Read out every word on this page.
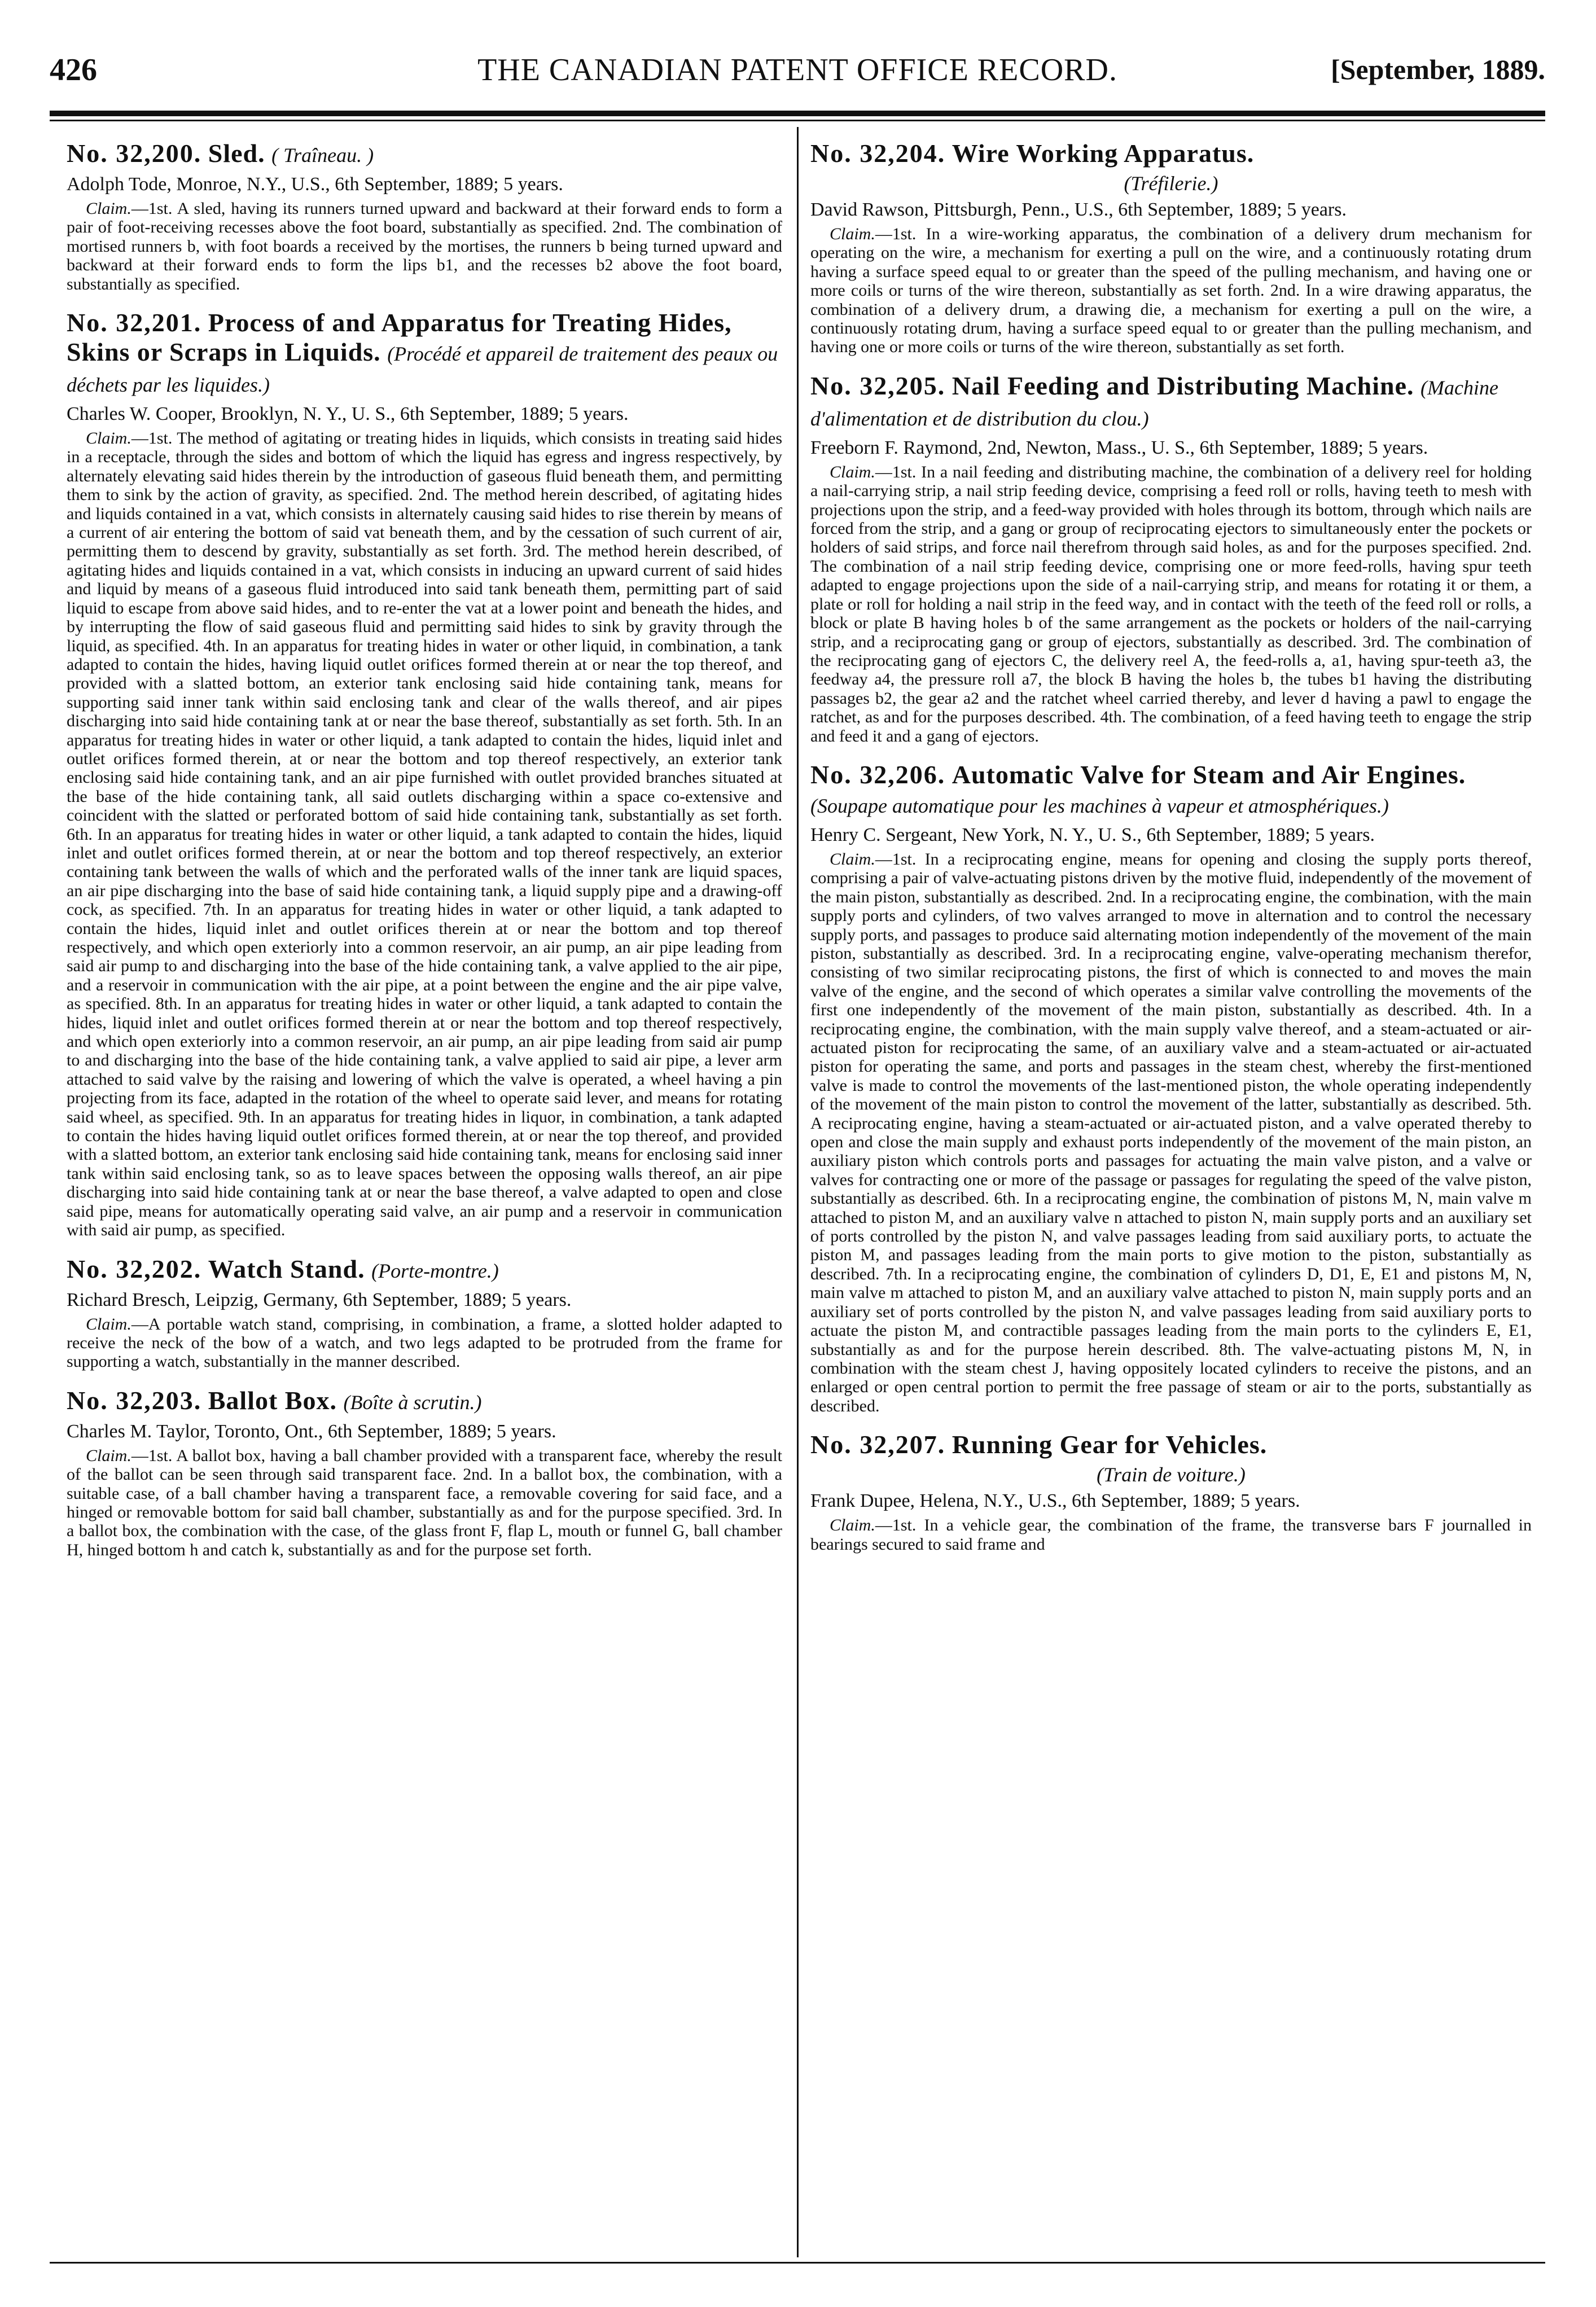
426	THE CANADIAN PATENT OFFICE RECORD.	[September, 1889.
No. 32,200. Sled. ( Traîneau. )

Adolph Tode, Monroe, N.Y., U.S., 6th September, 1889; 5 years.

Claim.—1st. A sled, having its runners turned upward and backward at their forward ends to form a pair of foot-receiving recesses above the foot board, substantially as specified. 2nd. The combination of mortised runners b, with foot boards a received by the mortises, the runners b being turned upward and backward at their forward ends to form the lips b1, and the recesses b2 above the foot board, substantially as specified.

No. 32,201. Process of and Apparatus for Treating Hides, Skins or Scraps in Liquids. (Procédé et appareil de traitement des peaux ou déchets par les liquides.)

Charles W. Cooper, Brooklyn, N. Y., U. S., 6th September, 1889; 5 years.

Claim.—1st. The method of agitating or treating hides in liquids, which consists in treating said hides in a receptacle, through the sides and bottom of which the liquid has egress and ingress respectively, by alternately elevating said hides therein by the introduction of gaseous fluid beneath them, and permitting them to sink by the action of gravity, as specified. 2nd. The method herein described, of agitating hides and liquids contained in a vat, which consists in alternately causing said hides to rise therein by means of a current of air entering the bottom of said vat beneath them, and by the cessation of such current of air, permitting them to descend by gravity, substantially as set forth. 3rd. The method herein described, of agitating hides and liquids contained in a vat, which consists in inducing an upward current of said hides and liquid by means of a gaseous fluid introduced into said tank beneath them, permitting part of said liquid to escape from above said hides, and to re-enter the vat at a lower point and beneath the hides, and by interrupting the flow of said gaseous fluid and permitting said hides to sink by gravity through the liquid, as specified. 4th. In an apparatus for treating hides in water or other liquid, in combination, a tank adapted to contain the hides, having liquid outlet orifices formed therein at or near the top thereof, and provided with a slatted bottom, an exterior tank enclosing said hide containing tank, means for supporting said inner tank within said enclosing tank and clear of the walls thereof, and air pipes discharging into said hide containing tank at or near the base thereof, substantially as set forth. 5th. In an apparatus for treating hides in water or other liquid, a tank adapted to contain the hides, liquid inlet and outlet orifices formed therein, at or near the bottom and top thereof respectively, an exterior tank enclosing said hide containing tank, and an air pipe furnished with outlet provided branches situated at the base of the hide containing tank, all said outlets discharging within a space co-extensive and coincident with the slatted or perforated bottom of said hide containing tank, substantially as set forth. 6th. In an apparatus for treating hides in water or other liquid, a tank adapted to contain the hides, liquid inlet and outlet orifices formed therein, at or near the bottom and top thereof respectively, an exterior containing tank between the walls of which and the perforated walls of the inner tank are liquid spaces, an air pipe discharging into the base of said hide containing tank, a liquid supply pipe and a drawing-off cock, as specified. 7th. In an apparatus for treating hides in water or other liquid, a tank adapted to contain the hides, liquid inlet and outlet orifices therein at or near the bottom and top thereof respectively, and which open exteriorly into a common reservoir, an air pump, an air pipe leading from said air pump to and discharging into the base of the hide containing tank, a valve applied to the air pipe, and a reservoir in communication with the air pipe, at a point between the engine and the air pipe valve, as specified. 8th. In an apparatus for treating hides in water or other liquid, a tank adapted to contain the hides, liquid inlet and outlet orifices formed therein at or near the bottom and top thereof respectively, and which open exteriorly into a common reservoir, an air pump, an air pipe leading from said air pump to and discharging into the base of the hide containing tank, a valve applied to said air pipe, a lever arm attached to said valve by the raising and lowering of which the valve is operated, a wheel having a pin projecting from its face, adapted in the rotation of the wheel to operate said lever, and means for rotating said wheel, as specified. 9th. In an apparatus for treating hides in liquor, in combination, a tank adapted to contain the hides having liquid outlet orifices formed therein, at or near the top thereof, and provided with a slatted bottom, an exterior tank enclosing said hide containing tank, means for enclosing said inner tank within said enclosing tank, so as to leave spaces between the opposing walls thereof, an air pipe discharging into said hide containing tank at or near the base thereof, a valve adapted to open and close said pipe, means for automatically operating said valve, an air pump and a reservoir in communication with said air pump, as specified.

No. 32,202. Watch Stand. (Porte-montre.)

Richard Bresch, Leipzig, Germany, 6th September, 1889; 5 years.

Claim.—A portable watch stand, comprising, in combination, a frame, a slotted holder adapted to receive the neck of the bow of a watch, and two legs adapted to be protruded from the frame for supporting a watch, substantially in the manner described.

No. 32,203. Ballot Box. (Boîte à scrutin.)

Charles M. Taylor, Toronto, Ont., 6th September, 1889; 5 years.

Claim.—1st. A ballot box, having a ball chamber provided with a transparent face, whereby the result of the ballot can be seen through said transparent face. 2nd. In a ballot box, the combination, with a suitable case, of a ball chamber having a transparent face, a removable covering for said face, and a hinged or removable bottom for said ball chamber, substantially as and for the purpose specified. 3rd. In a ballot box, the combination with the case, of the glass front F, flap L, mouth or funnel G, ball chamber H, hinged bottom h and catch k, substantially as and for the purpose set forth.

No. 32,204. Wire Working Apparatus.
(Tréfilerie.)

David Rawson, Pittsburgh, Penn., U.S., 6th September, 1889; 5 years.

Claim.—1st. In a wire-working apparatus, the combination of a delivery drum mechanism for operating on the wire, a mechanism for exerting a pull on the wire, and a continuously rotating drum having a surface speed equal to or greater than the speed of the pulling mechanism, and having one or more coils or turns of the wire thereon, substantially as set forth. 2nd. In a wire drawing apparatus, the combination of a delivery drum, a drawing die, a mechanism for exerting a pull on the wire, a continuously rotating drum, having a surface speed equal to or greater than the pulling mechanism, and having one or more coils or turns of the wire thereon, substantially as set forth.

No. 32,205. Nail Feeding and Distributing Machine. (Machine d'alimentation et de distribution du clou.)

Freeborn F. Raymond, 2nd, Newton, Mass., U. S., 6th September, 1889; 5 years.

Claim.—1st. In a nail feeding and distributing machine, the combination of a delivery reel for holding a nail-carrying strip, a nail strip feeding device, comprising a feed roll or rolls, having teeth to mesh with projections upon the strip, and a feed-way provided with holes through its bottom, through which nails are forced from the strip, and a gang or group of reciprocating ejectors to simultaneously enter the pockets or holders of said strips, and force nail therefrom through said holes, as and for the purposes specified. 2nd. The combination of a nail strip feeding device, comprising one or more feed-rolls, having spur teeth adapted to engage projections upon the side of a nail-carrying strip, and means for rotating it or them, a plate or roll for holding a nail strip in the feed way, and in contact with the teeth of the feed roll or rolls, a block or plate B having holes b of the same arrangement as the pockets or holders of the nail-carrying strip, and a reciprocating gang or group of ejectors, substantially as described. 3rd. The combination of the reciprocating gang of ejectors C, the delivery reel A, the feed-rolls a, a1, having spur-teeth a3, the feedway a4, the pressure roll a7, the block B having the holes b, the tubes b1 having the distributing passages b2, the gear a2 and the ratchet wheel carried thereby, and lever d having a pawl to engage the ratchet, as and for the purposes described. 4th. The combination, of a feed having teeth to engage the strip and feed it and a gang of ejectors.

No. 32,206. Automatic Valve for Steam and Air Engines. (Soupape automatique pour les machines à vapeur et atmosphériques.)

Henry C. Sergeant, New York, N. Y., U. S., 6th September, 1889; 5 years.

Claim.—1st. In a reciprocating engine, means for opening and closing the supply ports thereof, comprising a pair of valve-actuating pistons driven by the motive fluid, independently of the movement of the main piston, substantially as described. 2nd. In a reciprocating engine, the combination, with the main supply ports and cylinders, of two valves arranged to move in alternation and to control the necessary supply ports, and passages to produce said alternating motion independently of the movement of the main piston, substantially as described. 3rd. In a reciprocating engine, valve-operating mechanism therefor, consisting of two similar reciprocating pistons, the first of which is connected to and moves the main valve of the engine, and the second of which operates a similar valve controlling the movements of the first one independently of the movement of the main piston, substantially as described. 4th. In a reciprocating engine, the combination, with the main supply valve thereof, and a steam-actuated or air-actuated piston for reciprocating the same, of an auxiliary valve and a steam-actuated or air-actuated piston for operating the same, and ports and passages in the steam chest, whereby the first-mentioned valve is made to control the movements of the last-mentioned piston, the whole operating independently of the movement of the main piston to control the movement of the latter, substantially as described. 5th. A reciprocating engine, having a steam-actuated or air-actuated piston, and a valve operated thereby to open and close the main supply and exhaust ports independently of the movement of the main piston, an auxiliary piston which controls ports and passages for actuating the main valve piston, and a valve or valves for contracting one or more of the passage or passages for regulating the speed of the valve piston, substantially as described. 6th. In a reciprocating engine, the combination of pistons M, N, main valve m attached to piston M, and an auxiliary valve n attached to piston N, main supply ports and an auxiliary set of ports controlled by the piston N, and valve passages leading from said auxiliary ports, to actuate the piston M, and passages leading from the main ports to give motion to the piston, substantially as described. 7th. In a reciprocating engine, the combination of cylinders D, D1, E, E1 and pistons M, N, main valve m attached to piston M, and an auxiliary valve attached to piston N, main supply ports and an auxiliary set of ports controlled by the piston N, and valve passages leading from said auxiliary ports to actuate the piston M, and contractible passages leading from the main ports to the cylinders E, E1, substantially as and for the purpose herein described. 8th. The valve-actuating pistons M, N, in combination with the steam chest J, having oppositely located cylinders to receive the pistons, and an enlarged or open central portion to permit the free passage of steam or air to the ports, substantially as described.

No. 32,207. Running Gear for Vehicles.
(Train de voiture.)

Frank Dupee, Helena, N.Y., U.S., 6th September, 1889; 5 years.

Claim.—1st. In a vehicle gear, the combination of the frame, the transverse bars F journalled in bearings secured to said frame and
